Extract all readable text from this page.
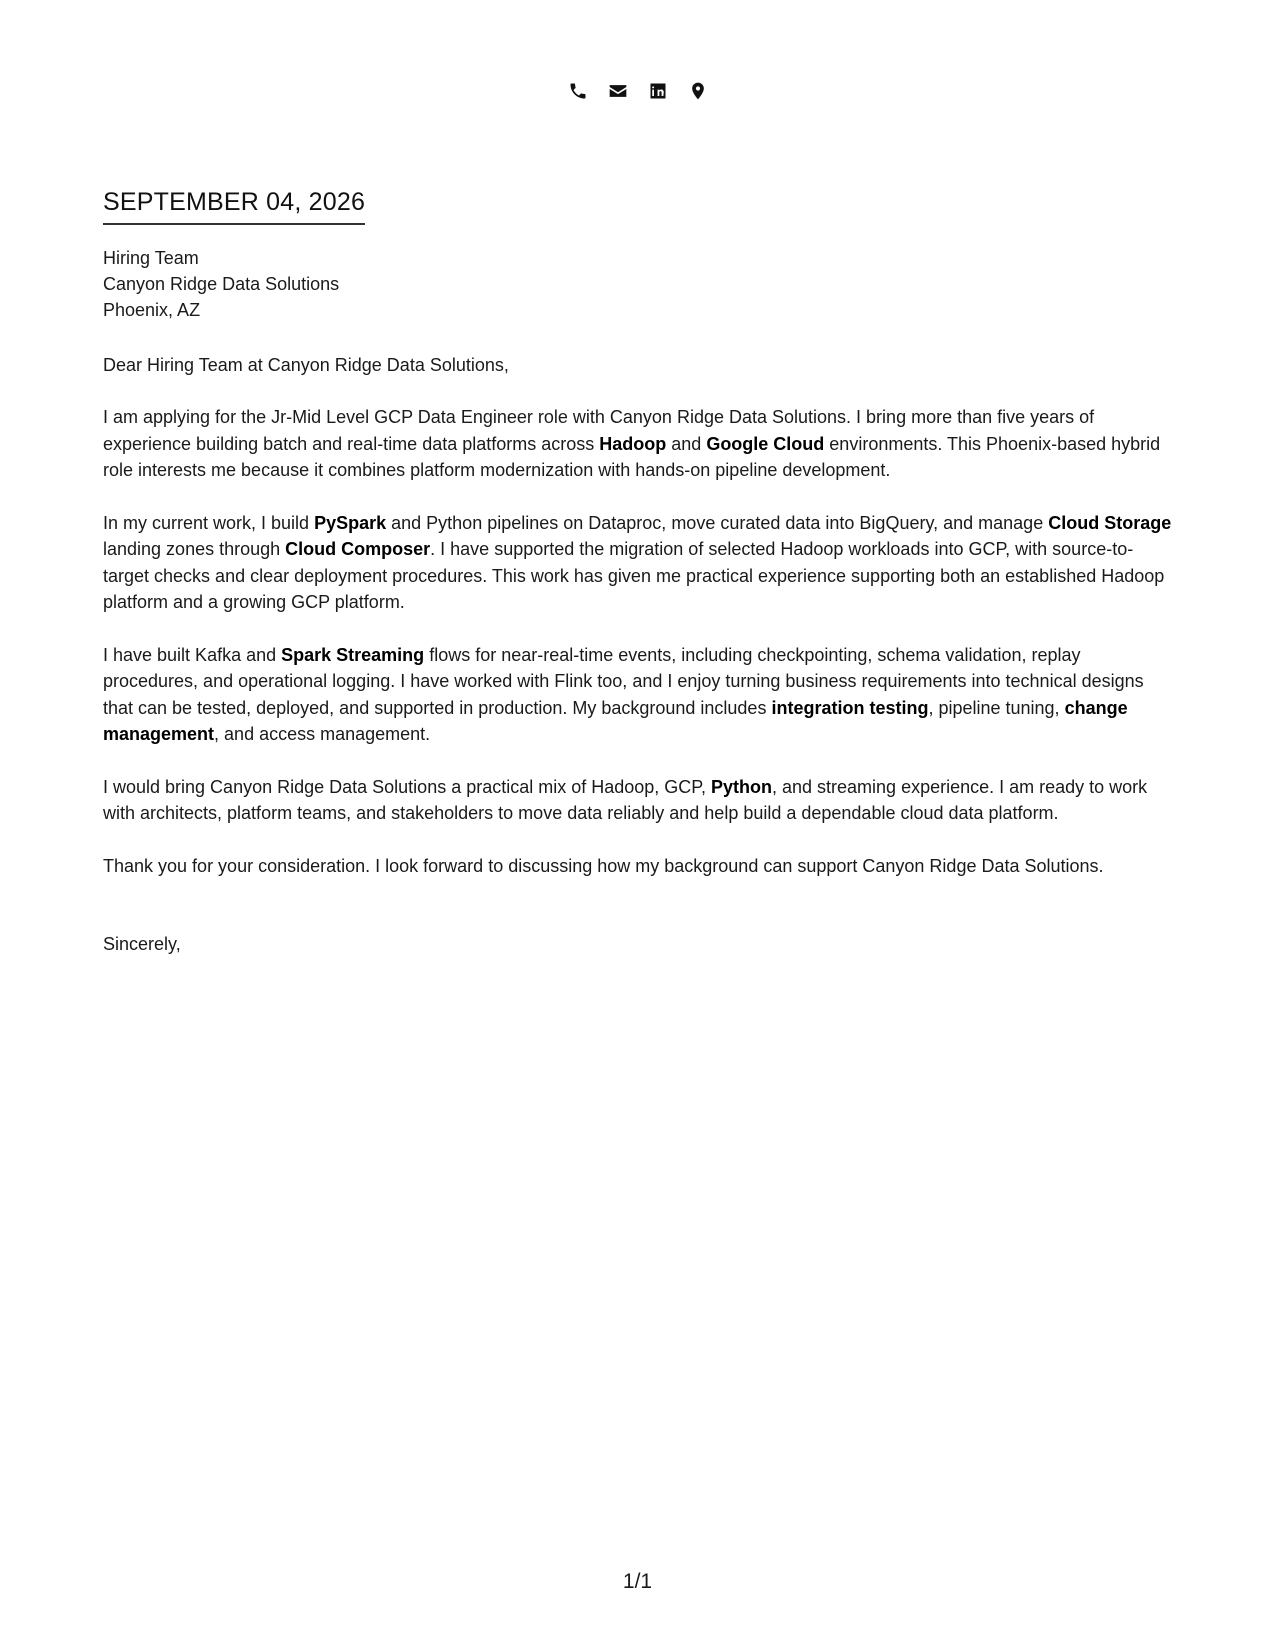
SEPTEMBER 04, 2026
Hiring Team
Canyon Ridge Data Solutions
Phoenix, AZ
Dear Hiring Team at Canyon Ridge Data Solutions,

I am applying for the Jr-Mid Level GCP Data Engineer role with Canyon Ridge Data Solutions. I bring more than five years of experience building batch and real-time data platforms across Hadoop and Google Cloud environments. This Phoenix-based hybrid role interests me because it combines platform modernization with hands-on pipeline development.

In my current work, I build PySpark and Python pipelines on Dataproc, move curated data into BigQuery, and manage Cloud Storage landing zones through Cloud Composer. I have supported the migration of selected Hadoop workloads into GCP, with source-to-target checks and clear deployment procedures. This work has given me practical experience supporting both an established Hadoop platform and a growing GCP platform.

I have built Kafka and Spark Streaming flows for near-real-time events, including checkpointing, schema validation, replay procedures, and operational logging. I have worked with Flink too, and I enjoy turning business requirements into technical designs that can be tested, deployed, and supported in production. My background includes integration testing, pipeline tuning, change management, and access management.

I would bring Canyon Ridge Data Solutions a practical mix of Hadoop, GCP, Python, and streaming experience. I am ready to work with architects, platform teams, and stakeholders to move data reliably and help build a dependable cloud data platform.

Thank you for your consideration. I look forward to discussing how my background can support Canyon Ridge Data Solutions.

Sincerely,
1/1
